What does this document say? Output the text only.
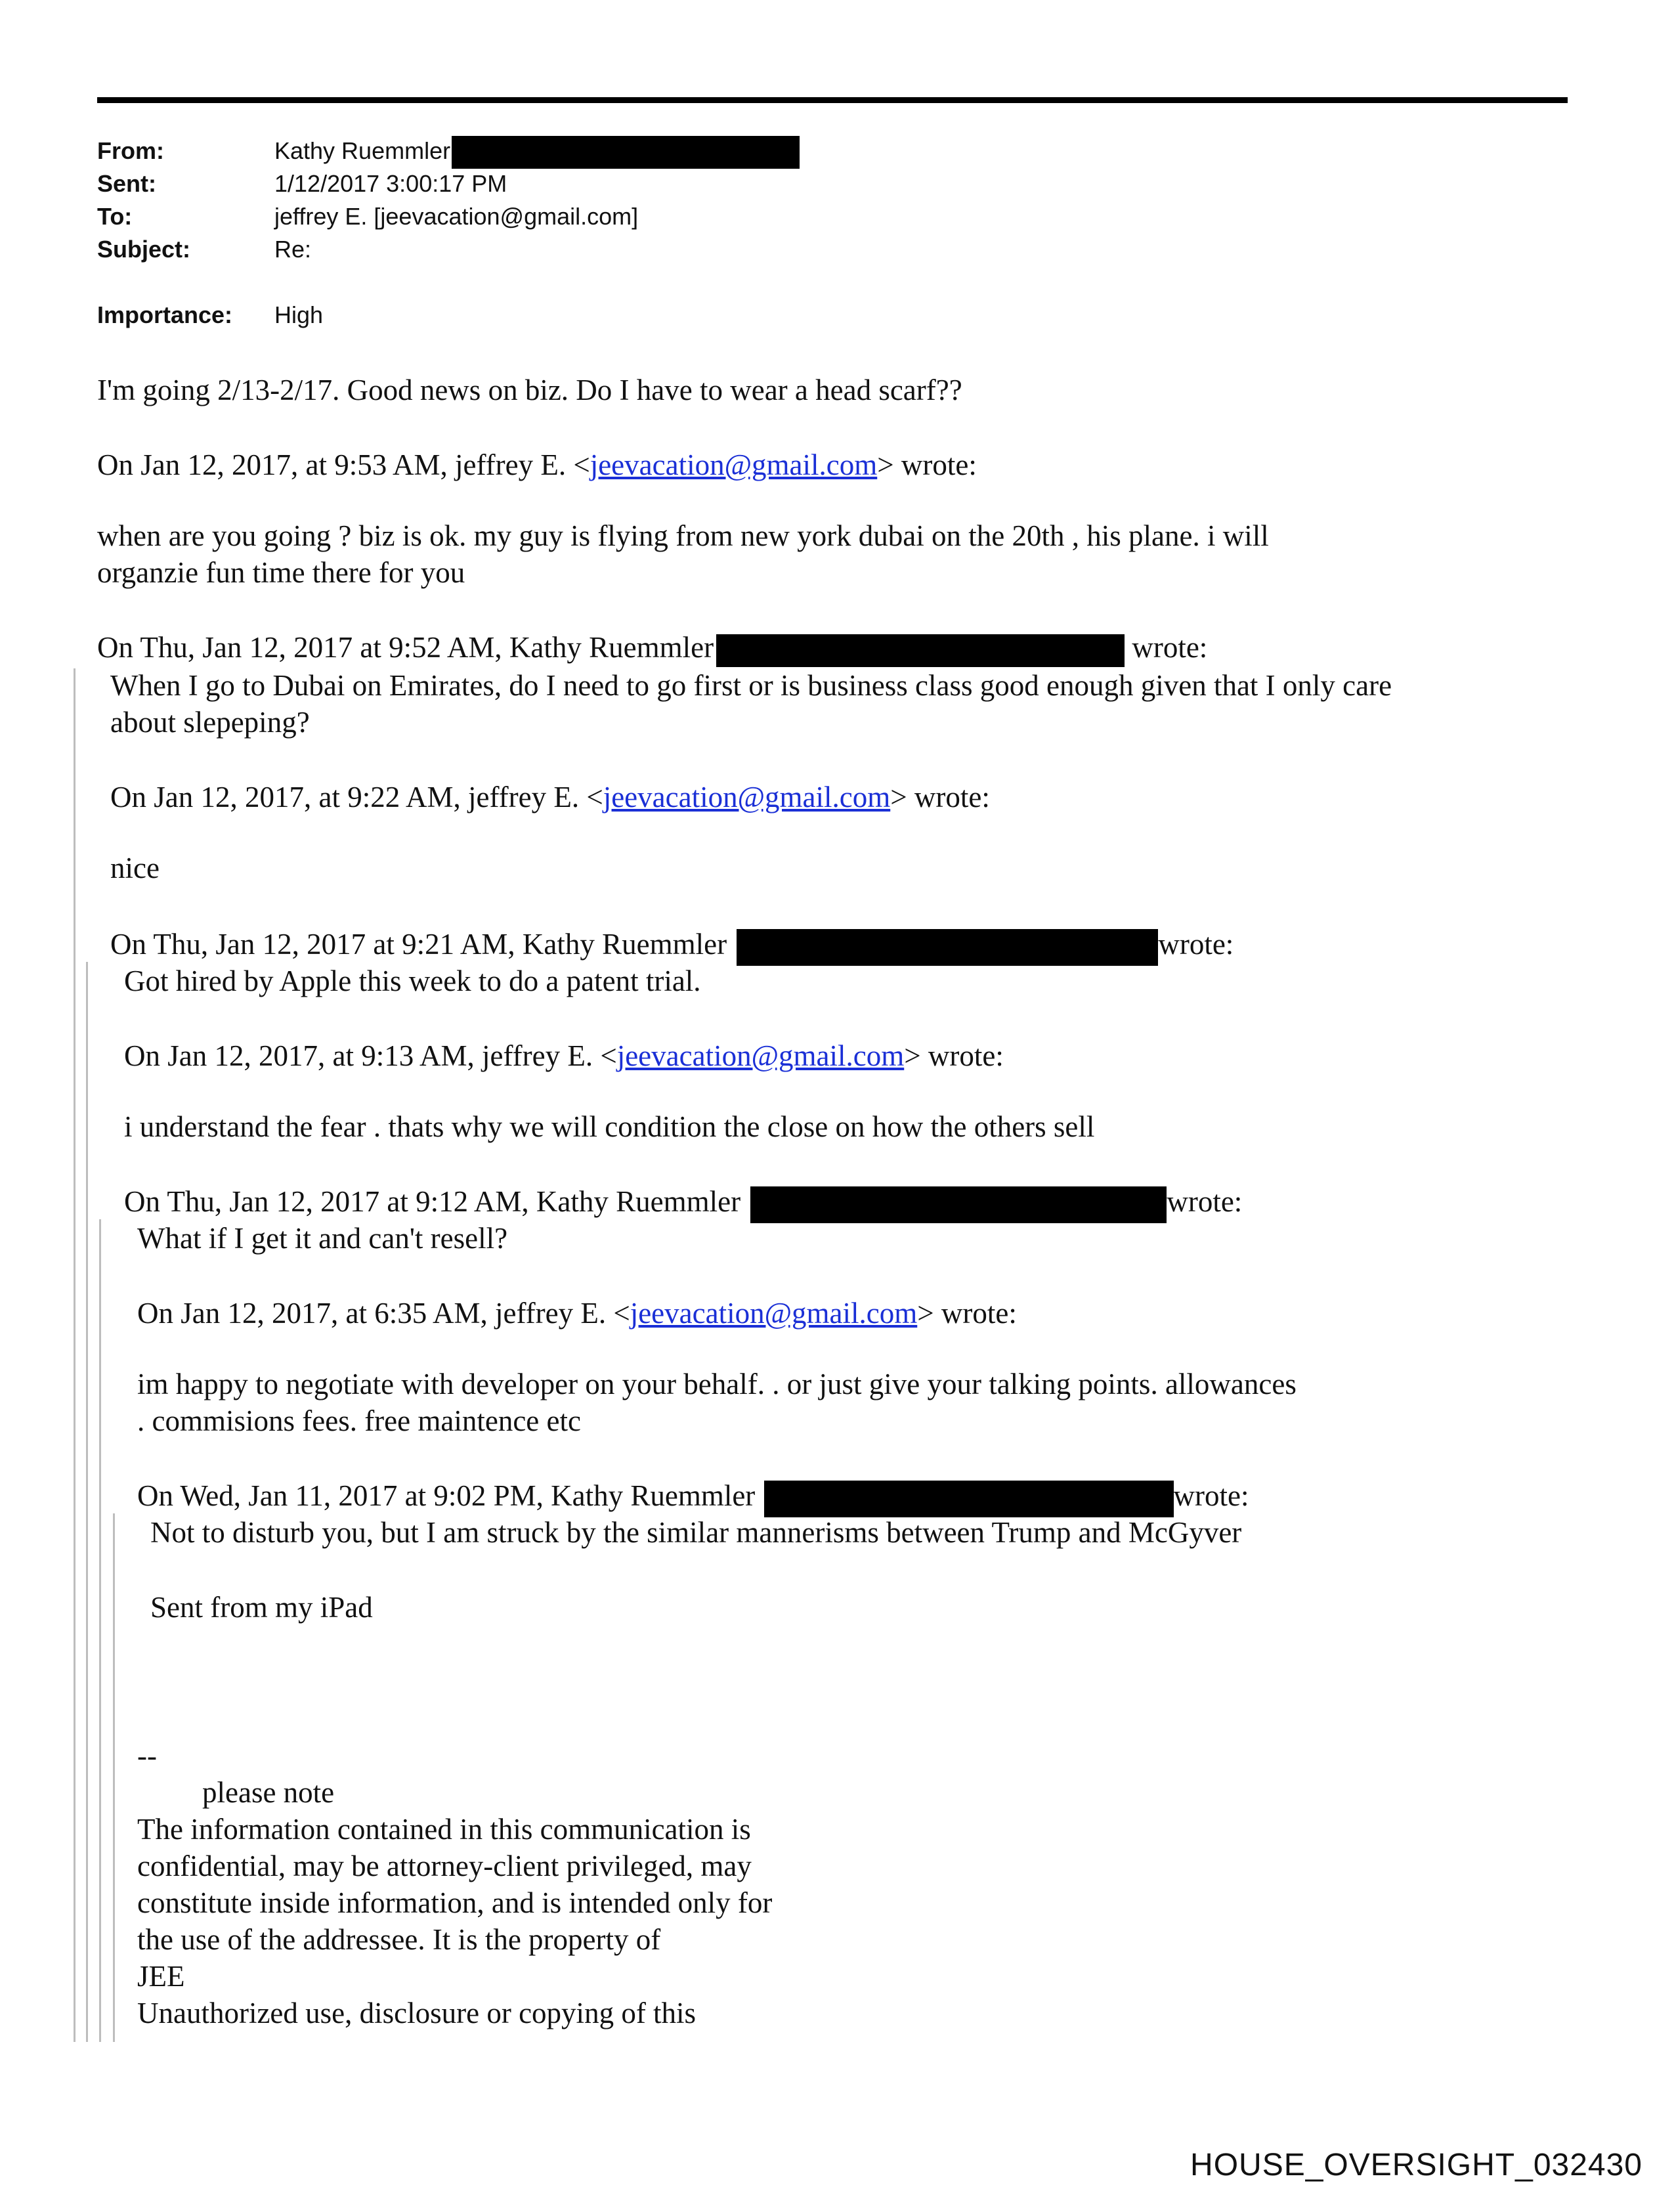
From:	Kathy Ruemmler
Sent:	1/12/2017 3:00:17 PM
To:	jeffrey E. [jeevacation@gmail.com]
Subject:	Re:
Importance: High
I'm going 2/13-2/17. Good news on biz. Do I have to wear a head scarf??
On Jan 12, 2017, at 9:53 AM, jeffrey E. <jeevacation@gmail.com> wrote:
when are you going ? biz is ok. my guy is flying from new york dubai on the 20th , his plane. i will
organzie fun time there for you
On Thu, Jan 12, 2017 at 9:52 AM, Kathy Ruemmler	wrote:
When I go to Dubai on Emirates, do I need to go first or is business class good enough given that I only care
about slepeping?
On Jan 12, 2017, at 9:22 AM, jeffrey E. <jeevacation@gmail.com> wrote:
nice
On Thu, Jan 12, 2017 at 9:21 AM, Kathy Ruemmler	wrote:
Got hired by Apple this week to do a patent trial.
On Jan 12, 2017, at 9:13 AM, jeffrey E. <jeevacation@gmail.com> wrote:
i understand the fear . thats why we will condition the close on how the others sell
On Thu, Jan 12, 2017 at 9:12 AM, Kathy Ruemmler	wrote:
What if I get it and can't resell?
On Jan 12, 2017, at 6:35 AM, jeffrey E. <jeevacation@gmail.com> wrote:
im happy to negotiate with developer on your behalf. . or just give your talking points. allowances
. commisions fees. free maintence etc
On Wed, Jan 11, 2017 at 9:02 PM, Kathy Ruemmler	wrote:
Not to disturb you, but I am struck by the similar mannerisms between Trump and McGyver
Sent from my iPad
--
please note
The information contained in this communication is
confidential, may be attorney-client privileged, may
constitute inside information, and is intended only for
the use of the addressee. It is the property of
JEE
Unauthorized use, disclosure or copying of this
HOUSE_OVERSIGHT_032430
